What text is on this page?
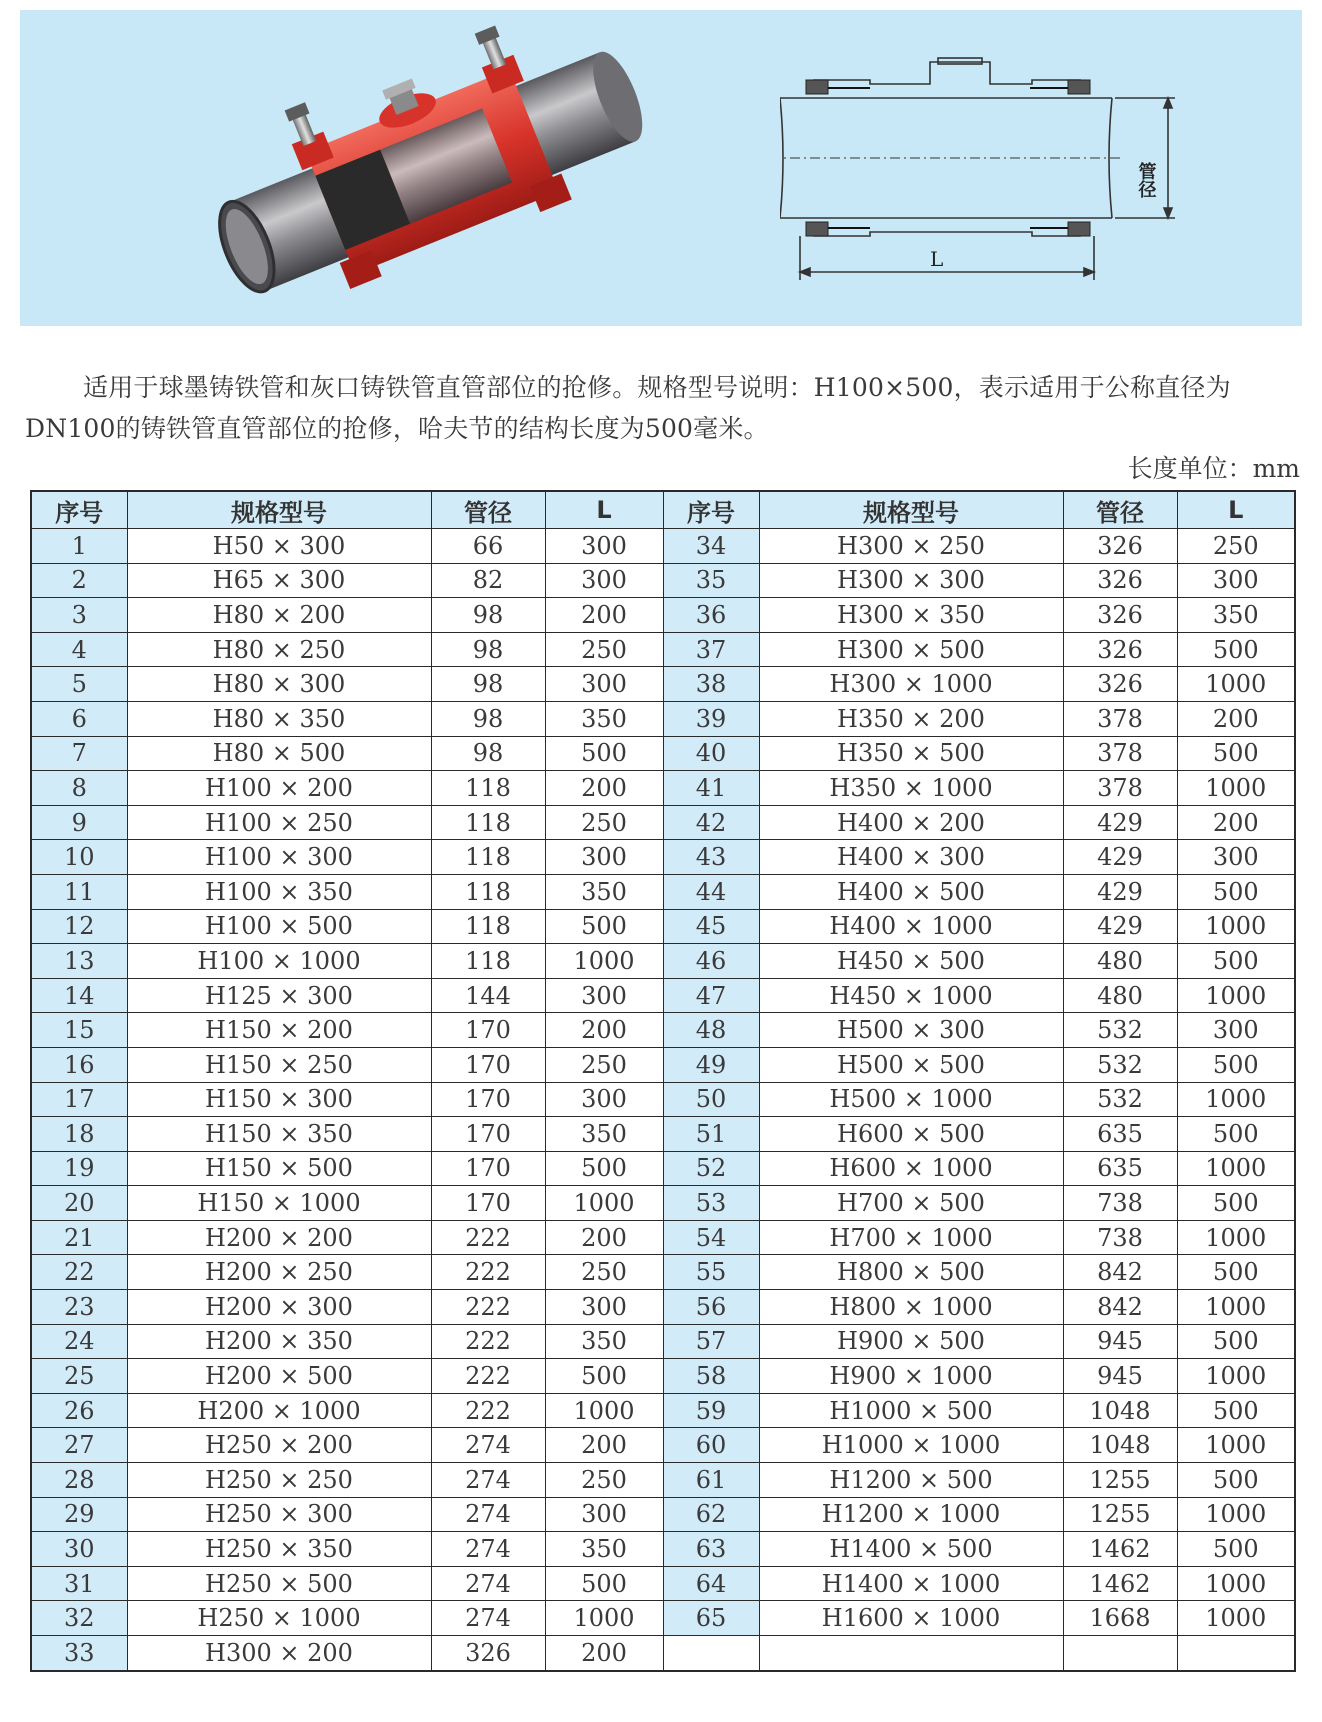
管径
L

适用于球墨铸铁管和灰口铸铁管直管部位的抢修。规格型号说明：H100×500，表示适用于公称直径为DN100的铸铁管直管部位的抢修，哈夫节的结构长度为500毫米。

长度单位：mm
序号	规格型号	管径	L	序号	规格型号	管径	L
1	H50 × 300	66	300	34	H300 × 250	326	250
2	H65 × 300	82	300	35	H300 × 300	326	300
3	H80 × 200	98	200	36	H300 × 350	326	350
4	H80 × 250	98	250	37	H300 × 500	326	500
5	H80 × 300	98	300	38	H300 × 1000	326	1000
6	H80 × 350	98	350	39	H350 × 200	378	200
7	H80 × 500	98	500	40	H350 × 500	378	500
8	H100 × 200	118	200	41	H350 × 1000	378	1000
9	H100 × 250	118	250	42	H400 × 200	429	200
10	H100 × 300	118	300	43	H400 × 300	429	300
11	H100 × 350	118	350	44	H400 × 500	429	500
12	H100 × 500	118	500	45	H400 × 1000	429	1000
13	H100 × 1000	118	1000	46	H450 × 500	480	500
14	H125 × 300	144	300	47	H450 × 1000	480	1000
15	H150 × 200	170	200	48	H500 × 300	532	300
16	H150 × 250	170	250	49	H500 × 500	532	500
17	H150 × 300	170	300	50	H500 × 1000	532	1000
18	H150 × 350	170	350	51	H600 × 500	635	500
19	H150 × 500	170	500	52	H600 × 1000	635	1000
20	H150 × 1000	170	1000	53	H700 × 500	738	500
21	H200 × 200	222	200	54	H700 × 1000	738	1000
22	H200 × 250	222	250	55	H800 × 500	842	500
23	H200 × 300	222	300	56	H800 × 1000	842	1000
24	H200 × 350	222	350	57	H900 × 500	945	500
25	H200 × 500	222	500	58	H900 × 1000	945	1000
26	H200 × 1000	222	1000	59	H1000 × 500	1048	500
27	H250 × 200	274	200	60	H1000 × 1000	1048	1000
28	H250 × 250	274	250	61	H1200 × 500	1255	500
29	H250 × 300	274	300	62	H1200 × 1000	1255	1000
30	H250 × 350	274	350	63	H1400 × 500	1462	500
31	H250 × 500	274	500	64	H1400 × 1000	1462	1000
32	H250 × 1000	274	1000	65	H1600 × 1000	1668	1000
33	H300 × 200	326	200				
